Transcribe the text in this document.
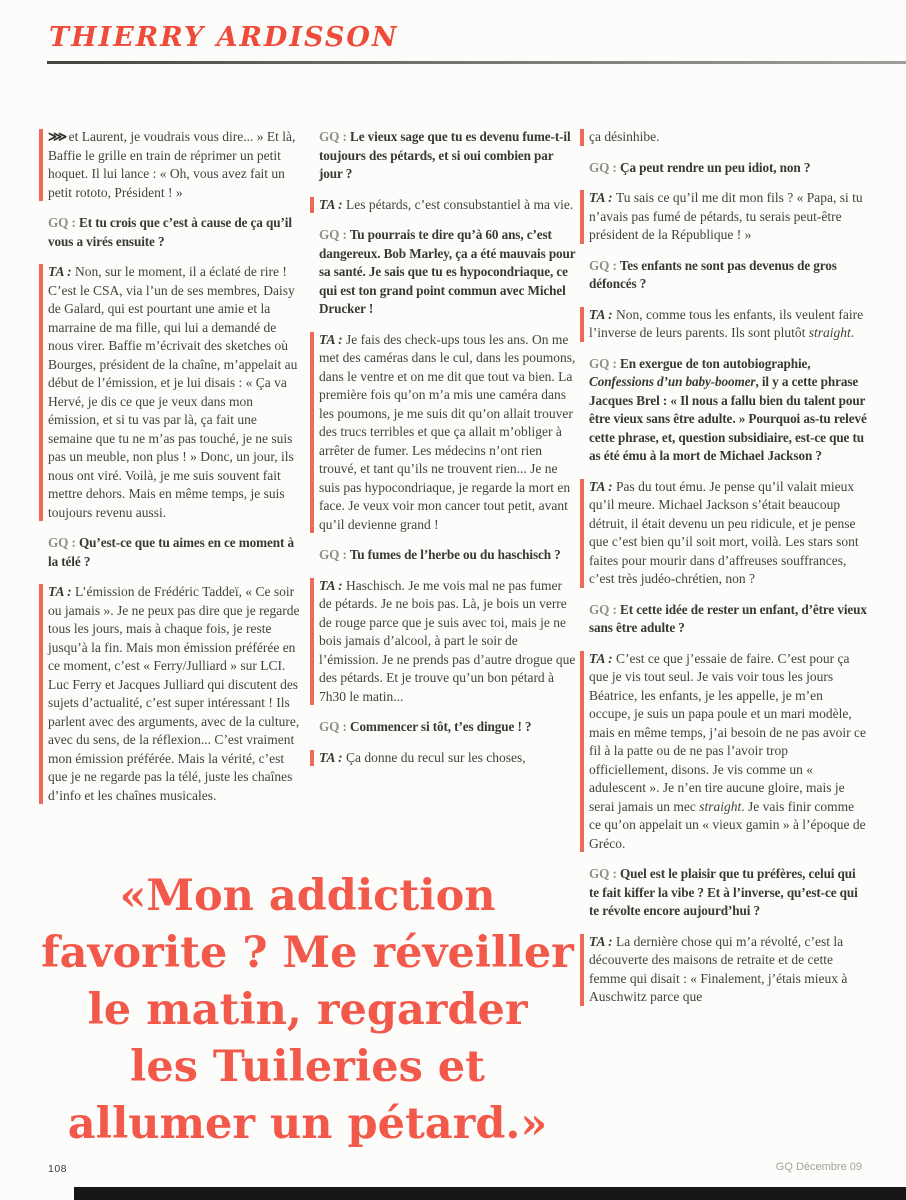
THIERRY ARDISSON

⋙ et Laurent, je voudrais vous dire... » Et là, Baffie le grille en train de réprimer un petit hoquet. Il lui lance : « Oh, vous avez fait un petit rototo, Président ! »

GQ : Et tu crois que c’est à cause de ça qu’il vous a virés ensuite ?

TA : Non, sur le moment, il a éclaté de rire ! C’est le CSA, via l’un de ses membres, Daisy de Galard, qui est pourtant une amie et la marraine de ma fille, qui lui a demandé de nous virer. Baffie m’écrivait des sketches où Bourges, président de la chaîne, m’appelait au début de l’émission, et je lui disais : « Ça va Hervé, je dis ce que je veux dans mon émission, et si tu vas par là, ça fait une semaine que tu ne m’as pas touché, je ne suis pas un meuble, non plus ! » Donc, un jour, ils nous ont viré. Voilà, je me suis souvent fait mettre dehors. Mais en même temps, je suis toujours revenu aussi.

GQ : Qu’est-ce que tu aimes en ce moment à la télé ?

TA : L’émission de Frédéric Taddeï, « Ce soir ou jamais ». Je ne peux pas dire que je regarde tous les jours, mais à chaque fois, je reste jusqu’à la fin. Mais mon émission préférée en ce moment, c’est « Ferry/Julliard » sur LCI. Luc Ferry et Jacques Julliard qui discutent des sujets d’actualité, c’est super intéressant ! Ils parlent avec des arguments, avec de la culture, avec du sens, de la réflexion... C’est vraiment mon émission préférée. Mais la vérité, c’est que je ne regarde pas la télé, juste les chaînes d’info et les chaînes musicales.

GQ : Le vieux sage que tu es devenu fume-t-il toujours des pétards, et si oui combien par jour ?

TA : Les pétards, c’est consubstantiel à ma vie.

GQ : Tu pourrais te dire qu’à 60 ans, c’est dangereux. Bob Marley, ça a été mauvais pour sa santé. Je sais que tu es hypocondriaque, ce qui est ton grand point commun avec Michel Drucker !

TA : Je fais des check-ups tous les ans. On me met des caméras dans le cul, dans les poumons, dans le ventre et on me dit que tout va bien. La première fois qu’on m’a mis une caméra dans les poumons, je me suis dit qu’on allait trouver des trucs terribles et que ça allait m’obliger à arrêter de fumer. Les médecins n’ont rien trouvé, et tant qu’ils ne trouvent rien... Je ne suis pas hypocondriaque, je regarde la mort en face. Je veux voir mon cancer tout petit, avant qu’il devienne grand !

GQ : Tu fumes de l’herbe ou du haschisch ?

TA : Haschisch. Je me vois mal ne pas fumer de pétards. Je ne bois pas. Là, je bois un verre de rouge parce que je suis avec toi, mais je ne bois jamais d’alcool, à part le soir de l’émission. Je ne prends pas d’autre drogue que des pétards. Et je trouve qu’un bon pétard à 7h30 le matin...

GQ : Commencer si tôt, t’es dingue ! ?

TA : Ça donne du recul sur les choses,

ça désinhibe.

GQ : Ça peut rendre un peu idiot, non ?

TA : Tu sais ce qu’il me dit mon fils ? « Papa, si tu n’avais pas fumé de pétards, tu serais peut-être président de la République ! »

GQ : Tes enfants ne sont pas devenus de gros défoncés ?

TA : Non, comme tous les enfants, ils veulent faire l’inverse de leurs parents. Ils sont plutôt straight.

GQ : En exergue de ton autobiographie, Confessions d’un baby-boomer, il y a cette phrase Jacques Brel : « Il nous a fallu bien du talent pour être vieux sans être adulte. » Pourquoi as-tu relevé cette phrase, et, question subsidiaire, est-ce que tu as été ému à la mort de Michael Jackson ?

TA : Pas du tout ému. Je pense qu’il valait mieux qu’il meure. Michael Jackson s’était beaucoup détruit, il était devenu un peu ridicule, et je pense que c’est bien qu’il soit mort, voilà. Les stars sont faites pour mourir dans d’affreuses souffrances, c’est très judéo-chrétien, non ?

GQ : Et cette idée de rester un enfant, d’être vieux sans être adulte ?

TA : C’est ce que j’essaie de faire. C’est pour ça que je vis tout seul. Je vais voir tous les jours Béatrice, les enfants, je les appelle, je m’en occupe, je suis un papa poule et un mari modèle, mais en même temps, j’ai besoin de ne pas avoir ce fil à la patte ou de ne pas l’avoir trop officiellement, disons. Je vis comme un « adulescent ». Je n’en tire aucune gloire, mais je serai jamais un mec straight. Je vais finir comme ce qu’on appelait un « vieux gamin » à l’époque de Gréco.

GQ : Quel est le plaisir que tu préfères, celui qui te fait kiffer la vibe ? Et à l’inverse, qu’est-ce qui te révolte encore aujourd’hui ?

TA : La dernière chose qui m’a révolté, c’est la découverte des maisons de retraite et de cette femme qui disait : « Finalement, j’étais mieux à Auschwitz parce que

«Mon addiction
favorite ? Me réveiller
le matin, regarder
les Tuileries et
allumer un pétard.»
108	GQ Décembre 09
